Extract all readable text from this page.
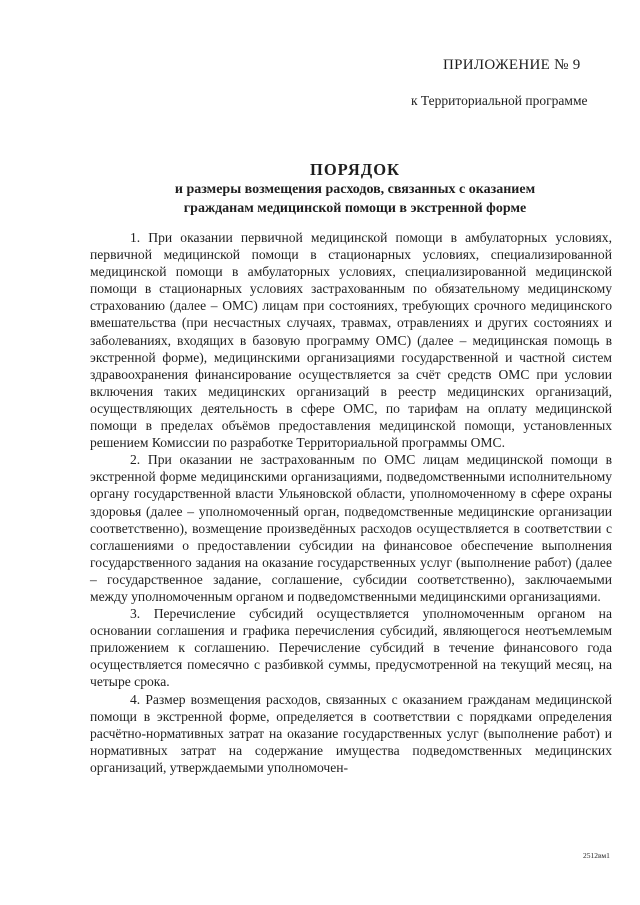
ПРИЛОЖЕНИЕ № 9
к Территориальной программе
ПОРЯДОК
и размеры возмещения расходов, связанных с оказанием
гражданам медицинской помощи в экстренной форме

1. При оказании первичной медицинской помощи в амбулаторных условиях, первичной медицинской помощи в стационарных условиях, специализированной медицинской помощи в амбулаторных условиях, специализированной медицинской помощи в стационарных условиях застрахованным по обязательному медицинскому страхованию (далее – ОМС) лицам при состояниях, требующих срочного медицинского вмешательства (при несчастных случаях, травмах, отравлениях и других состояниях и заболеваниях, входящих в базовую программу ОМС) (далее – медицинская помощь в экстренной форме), медицинскими организациями государственной и частной систем здравоохранения финансирование осуществляется за счёт средств ОМС при условии включения таких медицинских организаций в реестр медицинских организаций, осуществляющих деятельность в сфере ОМС, по тарифам на оплату медицинской помощи в пределах объёмов предоставления медицинской помощи, установленных решением Комиссии по разработке Территориальной программы ОМС.

2. При оказании не застрахованным по ОМС лицам медицинской помощи в экстренной форме медицинскими организациями, подведомственными исполнительному органу государственной власти Ульяновской области, уполномоченному в сфере охраны здоровья (далее – уполномоченный орган, подведомственные медицинские организации соответственно), возмещение произведённых расходов осуществляется в соответствии с соглашениями о предоставлении субсидии на финансовое обеспечение выполнения государственного задания на оказание государственных услуг (выполнение работ) (далее – государственное задание, соглашение, субсидии соответственно), заключаемыми между уполномоченным органом и подведомственными медицинскими организациями.

3. Перечисление субсидий осуществляется уполномоченным органом на основании соглашения и графика перечисления субсидий, являющегося неотъемлемым приложением к соглашению. Перечисление субсидий в течение финансового года осуществляется помесячно с разбивкой суммы, предусмотренной на текущий месяц, на четыре срока.

4. Размер возмещения расходов, связанных с оказанием гражданам медицинской помощи в экстренной форме, определяется в соответствии с порядками определения расчётно-нормативных затрат на оказание государственных услуг (выполнение работ) и нормативных затрат на содержание имущества подведомственных медицинских организаций, утверждаемыми уполномочен-

2512вм1
